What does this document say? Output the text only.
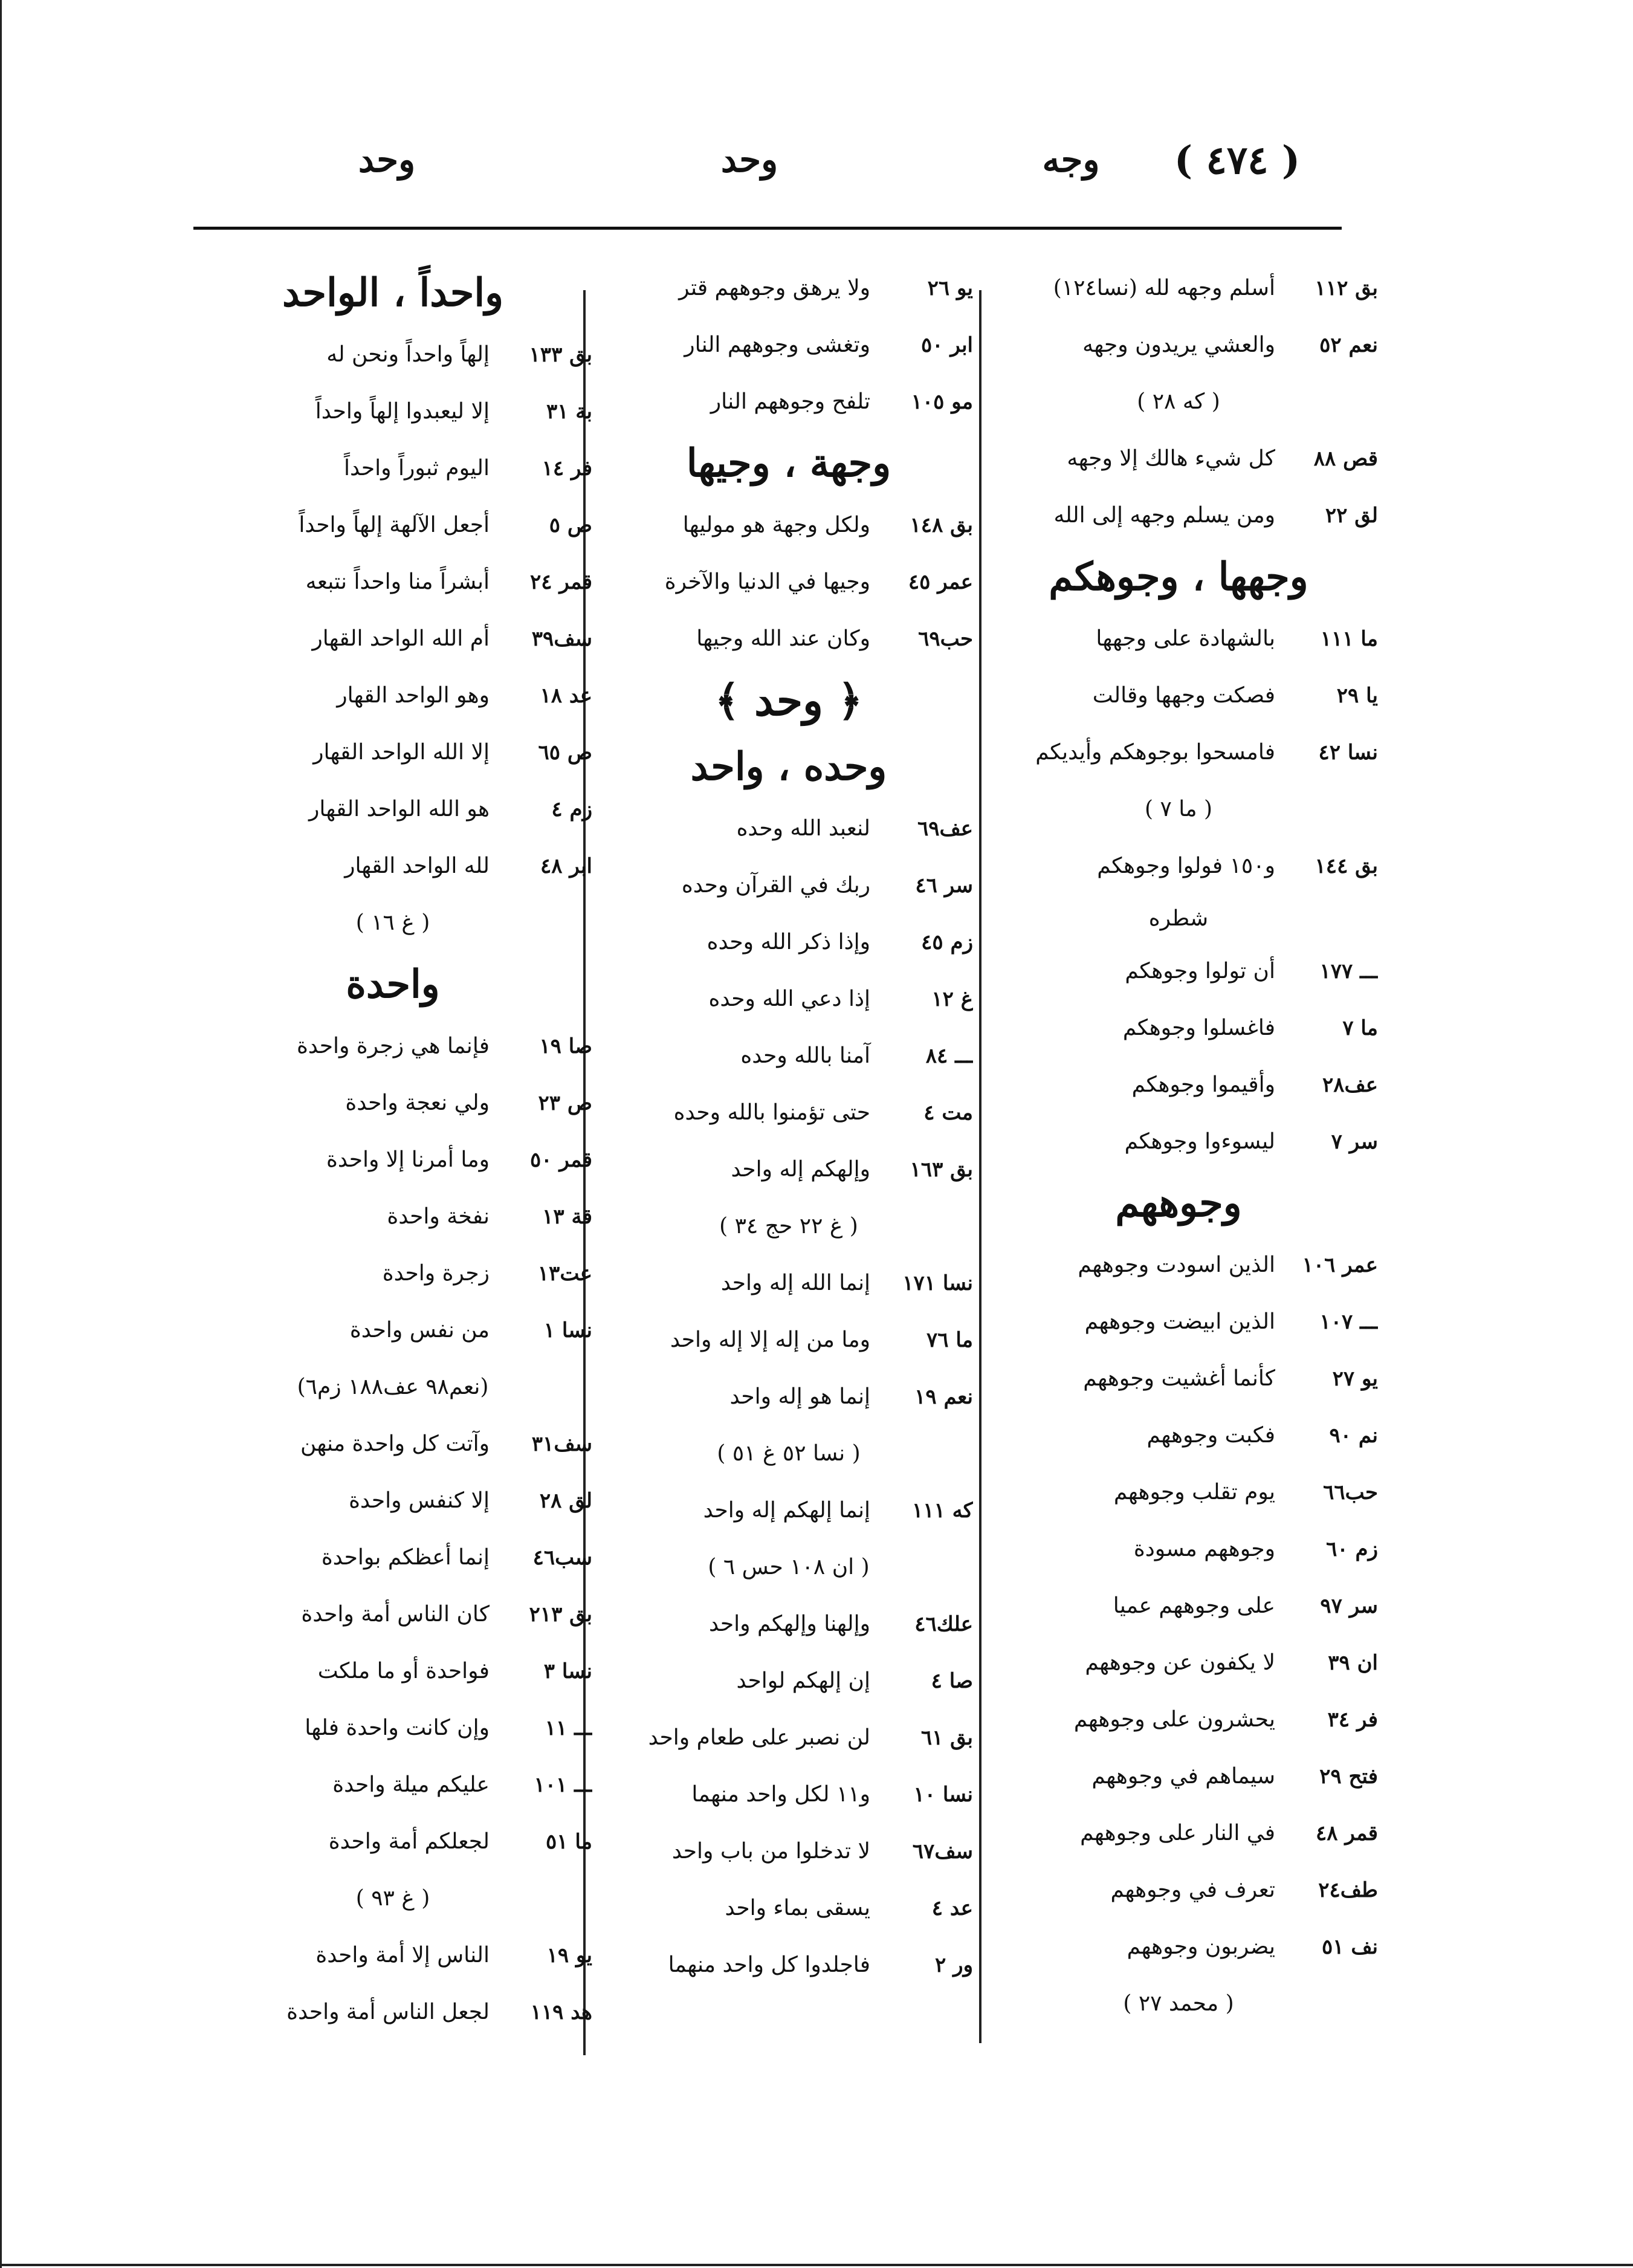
( ٤٧٤ )
وجه
وحد
وحد
بق ١١٢
أسلم وجهه لله (نسا١٢٤)
نعم ٥٢
والعشي يريدون وجهه
( كه ٢٨ )
قص ٨٨
كل شيء هالك إلا وجهه
لق ٢٢
ومن يسلم وجهه إلى الله
وجهها ، وجوهكم
ما ١١١
بالشهادة على وجهها
يا ٢٩
فصكت وجهها وقالت
نسا ٤٢
فامسحوا بوجوهكم وأيديكم
( ما ٧ )
بق ١٤٤
و١٥٠ فولوا وجوهكم
شطره
ـــ ١٧٧
أن تولوا وجوهكم
ما ٧
فاغسلوا وجوهكم
عف٢٨
وأقيموا وجوهكم
سر ٧
ليسوءوا وجوهكم
وجوههم
عمر ١٠٦
الذين اسودت وجوههم
ـــ ١٠٧
الذين ابيضت وجوههم
يو ٢٧
كأنما أغشيت وجوههم
نم ٩٠
فكبت وجوههم
حب٦٦
يوم تقلب وجوههم
زم ٦٠
وجوههم مسودة
سر ٩٧
على وجوههم عميا
ان ٣٩
لا يكفون عن وجوههم
فر ٣٤
يحشرون على وجوههم
فتح ٢٩
سيماهم في وجوههم
قمر ٤٨
في النار على وجوههم
طف٢٤
تعرف في وجوههم
نف ٥١
يضربون وجوههم
( محمد ٢٧ )
يو ٢٦
ولا يرهق وجوههم قتر
ابر ٥٠
وتغشى وجوههم النار
مو ١٠٥
تلفح وجوههم النار
وجهة ، وجيها
بق ١٤٨
ولكل وجهة هو موليها
عمر ٤٥
وجيها في الدنيا والآخرة
حب٦٩
وكان عند الله وجيها
﴿ وحد ﴾
وحده ، واحد
عف٦٩
لنعبد الله وحده
سر ٤٦
ربك في القرآن وحده
زم ٤٥
وإذا ذكر الله وحده
غ ١٢
إذا دعي الله وحده
ـــ ٨٤
آمنا بالله وحده
مت ٤
حتى تؤمنوا بالله وحده
بق ١٦٣
وإلهكم إله واحد
( غ ٢٢ حج ٣٤ )
نسا ١٧١
إنما الله إله واحد
ما ٧٦
وما من إله إلا إله واحد
نعم ١٩
إنما هو إله واحد
( نسا ٥٢ غ ٥١ )
كه ١١١
إنما إلهكم إله واحد
( ان ١٠٨ حس ٦ )
علك٤٦
وإلهنا وإلهكم واحد
صا ٤
إن إلهكم لواحد
بق ٦١
لن نصبر على طعام واحد
نسا ١٠
و١١ لكل واحد منهما
سف٦٧
لا تدخلوا من باب واحد
عد ٤
يسقى بماء واحد
ور ٢
فاجلدوا كل واحد منهما
واحداً ، الواحد
بق ١٣٣
إلهاً واحداً ونحن له
بة ٣١
إلا ليعبدوا إلهاً واحداً
فر ١٤
اليوم ثبوراً واحداً
ص ٥
أجعل الآلهة إلهاً واحداً
قمر ٢٤
أبشراً منا واحداً نتبعه
سف٣٩
أم الله الواحد القهار
عد ١٨
وهو الواحد القهار
ص ٦٥
إلا الله الواحد القهار
زم ٤
هو الله الواحد القهار
ابر ٤٨
لله الواحد القهار
( غ ١٦ )
واحدة
صا ١٩
فإنما هي زجرة واحدة
ص ٢٣
ولي نعجة واحدة
قمر ٥٠
وما أمرنا إلا واحدة
قة ١٣
نفخة واحدة
عت١٣
زجرة واحدة
نسا ١
من نفس واحدة
(نعم٩٨ عف١٨٨ زم٦)
سف٣١
وآتت كل واحدة منهن
لق ٢٨
إلا كنفس واحدة
سب٤٦
إنما أعظكم بواحدة
بق ٢١٣
كان الناس أمة واحدة
نسا ٣
فواحدة أو ما ملكت
ـــ ١١
وإن كانت واحدة فلها
ـــ ١٠١
عليكم ميلة واحدة
ما ٥١
لجعلكم أمة واحدة
( غ ٩٣ )
يو ١٩
الناس إلا أمة واحدة
هد ١١٩
لجعل الناس أمة واحدة
